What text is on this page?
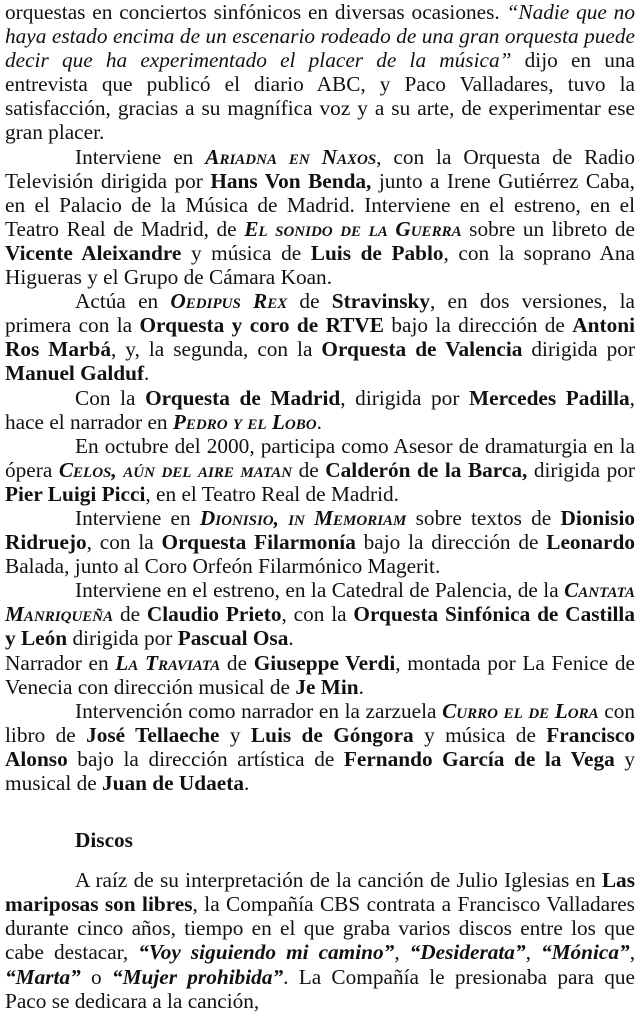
orquestas en conciertos sinfónicos en diversas ocasiones. “Nadie que no haya estado encima de un escenario rodeado de una gran orquesta puede decir que ha experimentado el placer de la música” dijo en una entrevista que publicó el diario ABC, y Paco Valladares, tuvo la satisfacción, gracias a su magnífica voz y a su arte, de experimentar ese gran placer.

Interviene en Ariadna en Naxos, con la Orquesta de Radio Televisión dirigida por Hans Von Benda, junto a Irene Gutiérrez Caba, en el Palacio de la Música de Madrid. Interviene en el estreno, en el Teatro Real de Madrid, de El sonido de la Guerra sobre un libreto de Vicente Aleixandre y música de Luis de Pablo, con la soprano Ana Higueras y el Grupo de Cámara Koan.

Actúa en Oedipus Rex de Stravinsky, en dos versiones, la primera con la Orquesta y coro de RTVE bajo la dirección de Antoni Ros Marbá, y, la segunda, con la Orquesta de Valencia dirigida por Manuel Galduf.

Con la Orquesta de Madrid, dirigida por Mercedes Padilla, hace el narrador en Pedro y el Lobo.

En octubre del 2000, participa como Asesor de dramaturgia en la ópera Celos, aún del aire matan de Calderón de la Barca, dirigida por Pier Luigi Picci, en el Teatro Real de Madrid.

Interviene en Dionisio, in Memoriam sobre textos de Dionisio Ridruejo, con la Orquesta Filarmonía bajo la dirección de Leonardo Balada, junto al Coro Orfeón Filarmónico Magerit.

Interviene en el estreno, en la Catedral de Palencia, de la Cantata Manriqueña de Claudio Prieto, con la Orquesta Sinfónica de Castilla y León dirigida por Pascual Osa.

Narrador en La Traviata de Giuseppe Verdi, montada por La Fenice de Venecia con dirección musical de Je Min.

Intervención como narrador en la zarzuela Curro el de Lora con libro de José Tellaeche y Luis de Góngora y música de Francisco Alonso bajo la dirección artística de Fernando García de la Vega y musical de Juan de Udaeta.

Discos

A raíz de su interpretación de la canción de Julio Iglesias en Las mariposas son libres, la Compañía CBS contrata a Francisco Valladares durante cinco años, tiempo en el que graba varios discos entre los que cabe destacar, “Voy siguiendo mi camino”, “Desiderata”, “Mónica”, “Marta” o “Mujer prohibida”. La Compañía le presionaba para que Paco se dedicara a la canción,
